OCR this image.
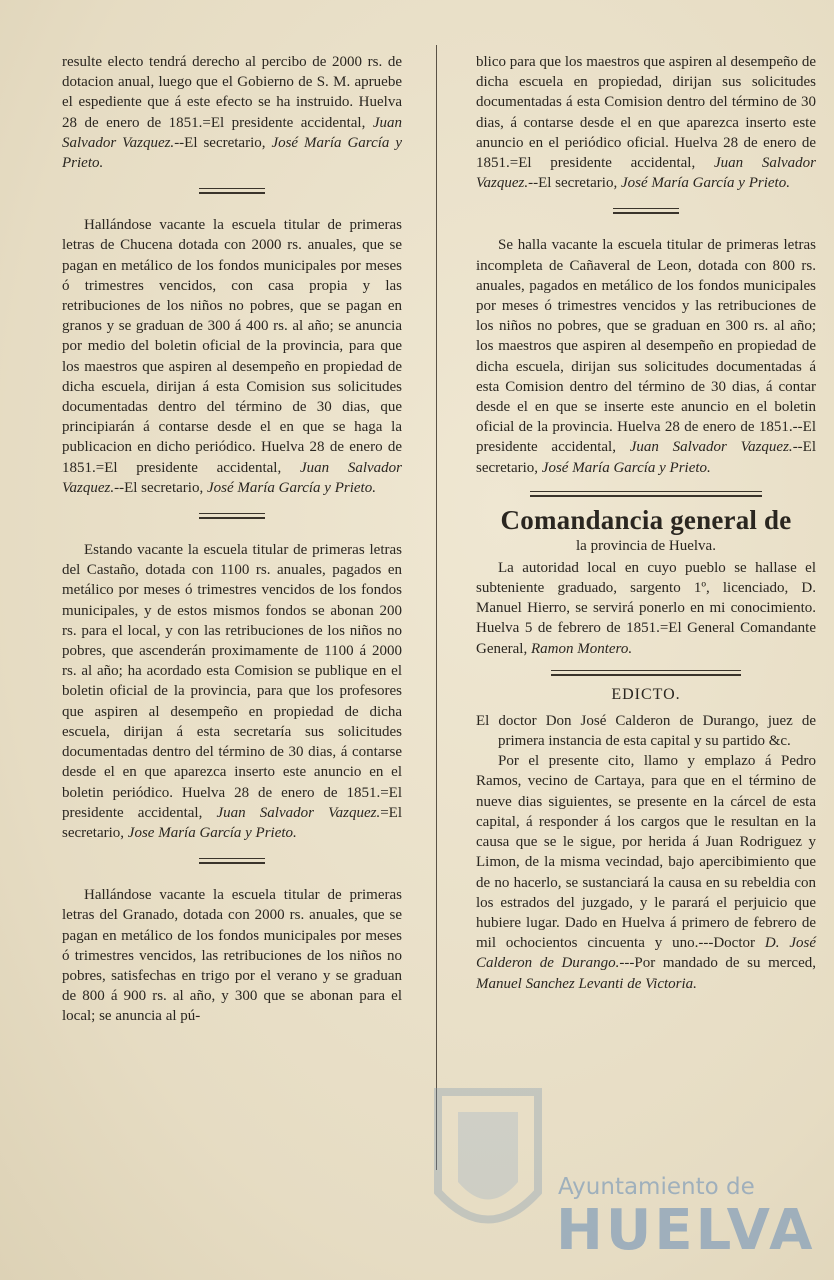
resulte electo tendrá derecho al percibo de 2000 rs. de dotacion anual, luego que el Gobierno de S. M. apruebe el espediente que á este efecto se ha instruido. Huelva 28 de enero de 1851.=El presidente accidental, Juan Salvador Vazquez.--El secretario, José María García y Prieto.

Hallándose vacante la escuela titular de primeras letras de Chucena dotada con 2000 rs. anuales, que se pagan en metálico de los fondos municipales por meses ó trimestres vencidos, con casa propia y las retribuciones de los niños no pobres, que se pagan en granos y se graduan de 300 á 400 rs. al año; se anuncia por medio del boletin oficial de la provincia, para que los maestros que aspiren al desempeño en propiedad de dicha escuela, dirijan á esta Comision sus solicitudes documentadas dentro del término de 30 dias, que principiarán á contarse desde el en que se haga la publicacion en dicho periódico. Huelva 28 de enero de 1851.=El presidente accidental, Juan Salvador Vazquez.--El secretario, José María García y Prieto.

Estando vacante la escuela titular de primeras letras del Castaño, dotada con 1100 rs. anuales, pagados en metálico por meses ó trimestres vencidos de los fondos municipales, y de estos mismos fondos se abonan 200 rs. para el local, y con las retribuciones de los niños no pobres, que ascenderán proximamente de 1100 á 2000 rs. al año; ha acordado esta Comision se publique en el boletin oficial de la provincia, para que los profesores que aspiren al desempeño en propiedad de dicha escuela, dirijan á esta secretaría sus solicitudes documentadas dentro del término de 30 dias, á contarse desde el en que aparezca inserto este anuncio en el boletin periódico. Huelva 28 de enero de 1851.=El presidente accidental, Juan Salvador Vazquez.=El secretario, Jose María García y Prieto.

Hallándose vacante la escuela titular de primeras letras del Granado, dotada con 2000 rs. anuales, que se pagan en metálico de los fondos municipales por meses ó trimestres vencidos, las retribuciones de los niños no pobres, satisfechas en trigo por el verano y se graduan de 800 á 900 rs. al año, y 300 que se abonan para el local; se anuncia al pú-

blico para que los maestros que aspiren al desempeño de dicha escuela en propiedad, dirijan sus solicitudes documentadas á esta Comision dentro del término de 30 dias, á contarse desde el en que aparezca inserto este anuncio en el periódico oficial. Huelva 28 de enero de 1851.=El presidente accidental, Juan Salvador Vazquez.--El secretario, José María García y Prieto.

Se halla vacante la escuela titular de primeras letras incompleta de Cañaveral de Leon, dotada con 800 rs. anuales, pagados en metálico de los fondos municipales por meses ó trimestres vencidos y las retribuciones de los niños no pobres, que se graduan en 300 rs. al año; los maestros que aspiren al desempeño en propiedad de dicha escuela, dirijan sus solicitudes documentadas á esta Comision dentro del término de 30 dias, á contar desde el en que se inserte este anuncio en el boletin oficial de la provincia. Huelva 28 de enero de 1851.--El presidente accidental, Juan Salvador Vazquez.--El secretario, José María García y Prieto.

Comandancia general de
la provincia de Huelva.

La autoridad local en cuyo pueblo se hallase el subteniente graduado, sargento 1º, licenciado, D. Manuel Hierro, se servirá ponerlo en mi conocimiento. Huelva 5 de febrero de 1851.=El General Comandante General, Ramon Montero.

EDICTO.

El doctor Don José Calderon de Durango, juez de primera instancia de esta capital y su partido &c.

Por el presente cito, llamo y emplazo á Pedro Ramos, vecino de Cartaya, para que en el término de nueve dias siguientes, se presente en la cárcel de esta capital, á responder á los cargos que le resultan en la causa que se le sigue, por herida á Juan Rodriguez y Limon, de la misma vecindad, bajo apercibimiento que de no hacerlo, se sustanciará la causa en su rebeldia con los estrados del juzgado, y le parará el perjuicio que hubiere lugar. Dado en Huelva á primero de febrero de mil ochocientos cincuenta y uno.---Doctor D. José Calderon de Durango.---Por mandado de su merced, Manuel Sanchez Levanti de Victoria.

Ayuntamiento de
HUELVA
